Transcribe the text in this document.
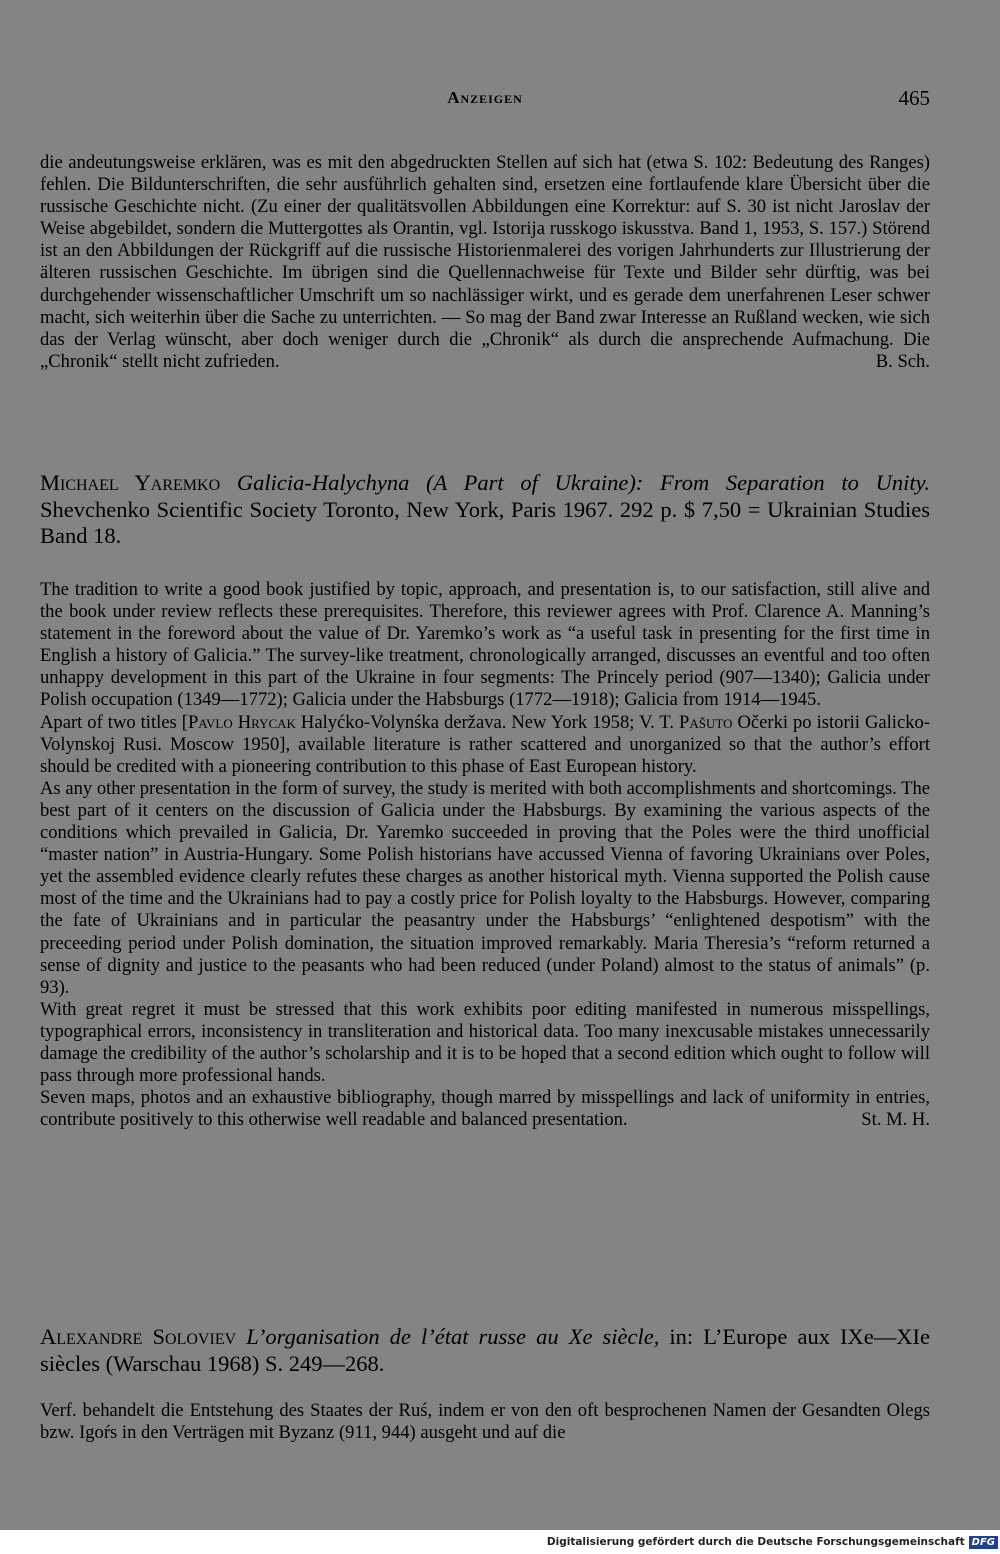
Anzeigen	465

die andeutungsweise erklären, was es mit den abgedruckten Stellen auf sich hat (etwa S. 102: Bedeutung des Ranges) fehlen. Die Bildunterschriften, die sehr ausführlich gehalten sind, ersetzen eine fortlaufende klare Übersicht über die russische Geschichte nicht. (Zu einer der qualitätsvollen Abbildungen eine Korrektur: auf S. 30 ist nicht Jaroslav der Weise abgebildet, sondern die Muttergottes als Orantin, vgl. Istorija russkogo iskusstva. Band 1, 1953, S. 157.) Störend ist an den Abbildungen der Rückgriff auf die russische Historienmalerei des vorigen Jahrhunderts zur Illustrierung der älteren russischen Geschichte. Im übrigen sind die Quellennachweise für Texte und Bilder sehr dürftig, was bei durchgehender wissenschaftlicher Umschrift um so nachlässiger wirkt, und es gerade dem unerfahrenen Leser schwer macht, sich weiterhin über die Sache zu unterrichten. — So mag der Band zwar Interesse an Rußland wecken, wie sich das der Verlag wünscht, aber doch weniger durch die „Chronik“ als durch die ansprechende Aufmachung. Die „Chronik“ stellt nicht zufrieden.	B. Sch.

Michael Yaremko Galicia-Halychyna (A Part of Ukraine): From Separation to Unity. Shevchenko Scientific Society Toronto, New York, Paris 1967. 292 p. $ 7,50 = Ukrainian Studies Band 18.

The tradition to write a good book justified by topic, approach, and presentation is, to our satisfaction, still alive and the book under review reflects these prerequisites. Therefore, this reviewer agrees with Prof. Clarence A. Manning’s statement in the foreword about the value of Dr. Yaremko’s work as “a useful task in presenting for the first time in English a history of Galicia.” The survey-like treatment, chronologically arranged, discusses an eventful and too often unhappy development in this part of the Ukraine in four segments: The Princely period (907—1340); Galicia under Polish occupation (1349—1772); Galicia under the Habsburgs (1772—1918); Galicia from 1914—1945.

Apart of two titles [Pavlo Hrycak Halyćko-Volynśka deržava. New York 1958; V. T. Pašuto Očerki po istorii Galicko-Volynskoj Rusi. Moscow 1950], available literature is rather scattered and unorganized so that the author’s effort should be credited with a pioneering contribution to this phase of East European history.

As any other presentation in the form of survey, the study is merited with both accomplishments and shortcomings. The best part of it centers on the discussion of Galicia under the Habsburgs. By examining the various aspects of the conditions which prevailed in Galicia, Dr. Yaremko succeeded in proving that the Poles were the third unofficial “master nation” in Austria-Hungary. Some Polish historians have accussed Vienna of favoring Ukrainians over Poles, yet the assembled evidence clearly refutes these charges as another historical myth. Vienna supported the Polish cause most of the time and the Ukrainians had to pay a costly price for Polish loyalty to the Habsburgs. However, comparing the fate of Ukrainians and in particular the peasantry under the Habsburgs’ “enlightened despotism” with the preceeding period under Polish domination, the situation improved remarkably. Maria Theresia’s “reform returned a sense of dignity and justice to the peasants who had been reduced (under Poland) almost to the status of animals” (p. 93).

With great regret it must be stressed that this work exhibits poor editing manifested in numerous misspellings, typographical errors, inconsistency in transliteration and historical data. Too many inexcusable mistakes unnecessarily damage the credibility of the author’s scholarship and it is to be hoped that a second edition which ought to follow will pass through more professional hands.

Seven maps, photos and an exhaustive bibliography, though marred by misspellings and lack of uniformity in entries, contribute positively to this otherwise well readable and balanced presentation.	St. M. H.

Alexandre Soloviev L’organisation de l’état russe au Xe siècle, in: L’Europe aux IXe—XIe siècles (Warschau 1968) S. 249—268.

Verf. behandelt die Entstehung des Staates der Ruś, indem er von den oft besprochenen Namen der Gesandten Olegs bzw. Igoŕs in den Verträgen mit Byzanz (911, 944) ausgeht und auf die

Digitalisierung gefördert durch die Deutsche Forschungsgemeinschaft DFG
